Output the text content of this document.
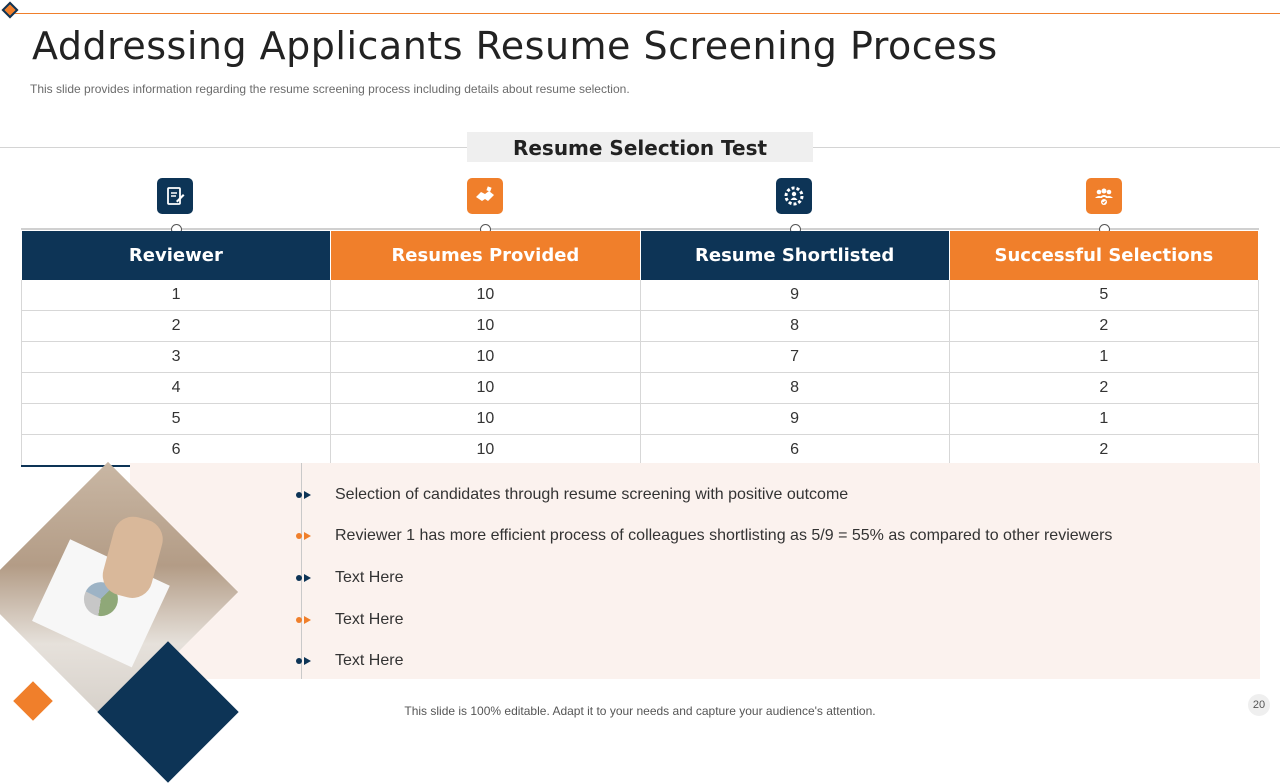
Addressing Applicants Resume Screening Process
This slide provides information regarding the resume screening process including details about resume selection.
Resume Selection Test
Reviewer	Resumes Provided	Resume Shortlisted	Successful Selections
1	10	9	5
2	10	8	2
3	10	7	1
4	10	8	2
5	10	9	1
6	10	6	2
Selection of candidates through resume screening with positive outcome
Reviewer 1 has more efficient process of colleagues shortlisting as 5/9 = 55% as compared to other reviewers
Text Here
Text Here
Text Here
This slide is 100% editable. Adapt it to your needs and capture your audience's attention.	20
